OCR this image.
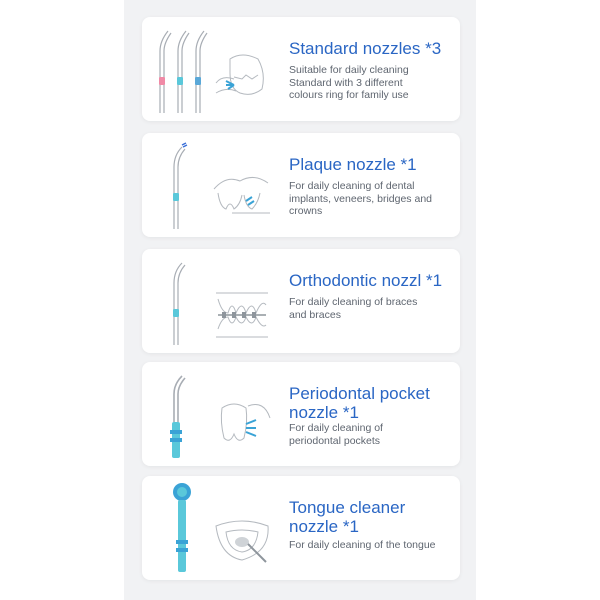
Standard nozzles *3
Suitable for daily cleaning
Standard with 3 different
colours ring for family use
Plaque nozzle *1
For daily cleaning of dental
implants, veneers, bridges and
crowns
Orthodontic nozzl *1
For daily cleaning of braces
and braces
Periodontal pocket
nozzle *1
For daily cleaning of
periodontal pockets
Tongue cleaner
nozzle *1
For daily cleaning of the tongue
